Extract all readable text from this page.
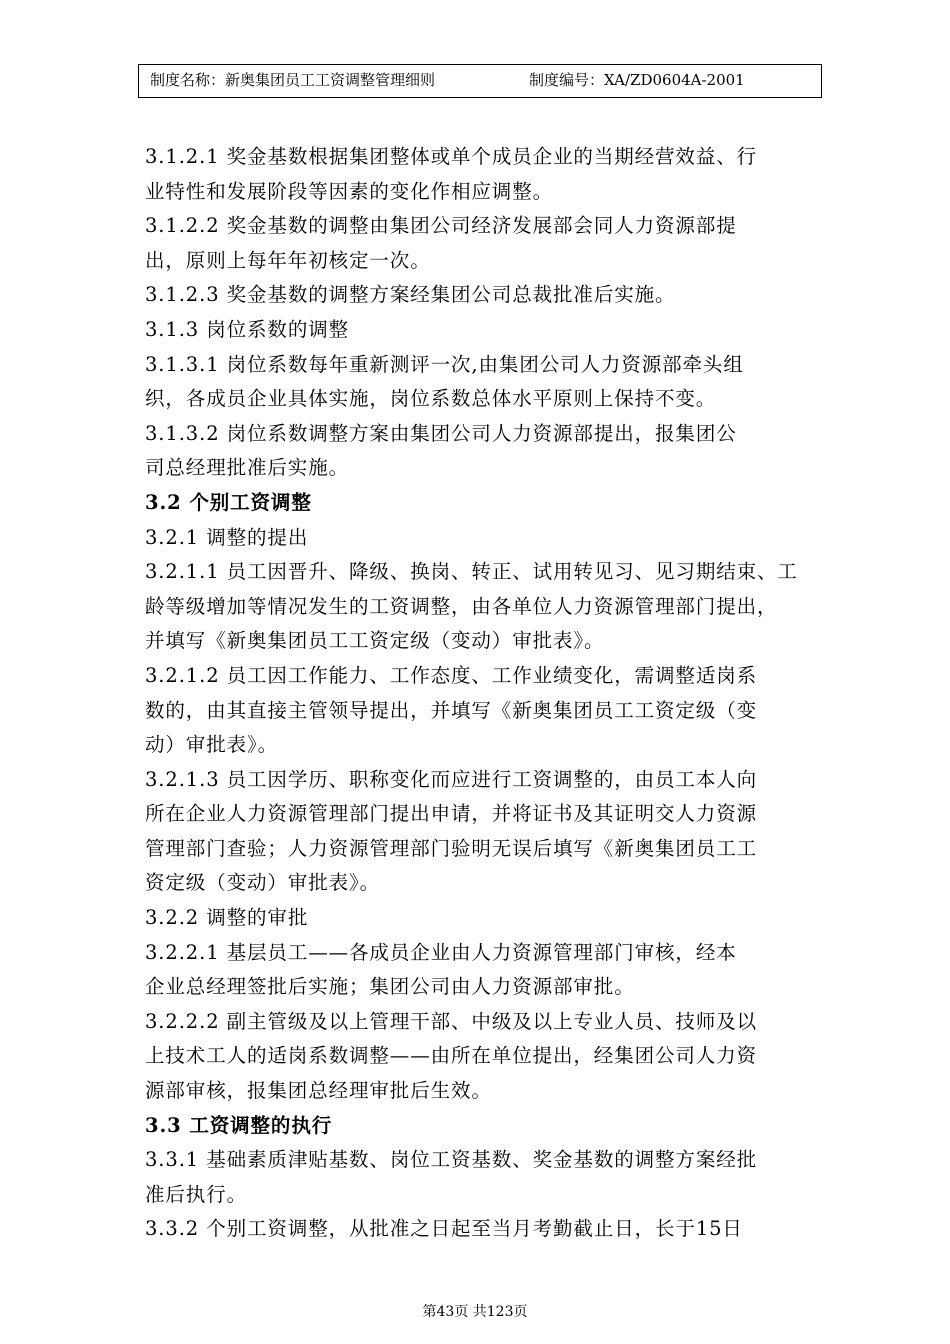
制度名称：新奥集团员工工资调整管理细则	制度编号：XA/ZD0604A-2001
3.1.2.1 奖金基数根据集团整体或单个成员企业的当期经营效益、行
业特性和发展阶段等因素的变化作相应调整。
3.1.2.2 奖金基数的调整由集团公司经济发展部会同人力资源部提
出，原则上每年年初核定一次。
3.1.2.3 奖金基数的调整方案经集团公司总裁批准后实施。
3.1.3 岗位系数的调整
3.1.3.1 岗位系数每年重新测评一次,由集团公司人力资源部牵头组
织，各成员企业具体实施，岗位系数总体水平原则上保持不变。
3.1.3.2 岗位系数调整方案由集团公司人力资源部提出，报集团公
司总经理批准后实施。
3.2 个别工资调整
3.2.1 调整的提出
3.2.1.1 员工因晋升、降级、换岗、转正、试用转见习、见习期结束、工
龄等级增加等情况发生的工资调整，由各单位人力资源管理部门提出，
并填写《新奥集团员工工资定级（变动）审批表》。
3.2.1.2 员工因工作能力、工作态度、工作业绩变化，需调整适岗系
数的，由其直接主管领导提出，并填写《新奥集团员工工资定级（变
动）审批表》。
3.2.1.3 员工因学历、职称变化而应进行工资调整的，由员工本人向
所在企业人力资源管理部门提出申请，并将证书及其证明交人力资源
管理部门查验；人力资源管理部门验明无误后填写《新奥集团员工工
资定级（变动）审批表》。
3.2.2 调整的审批
3.2.2.1 基层员工——各成员企业由人力资源管理部门审核，经本
企业总经理签批后实施；集团公司由人力资源部审批。
3.2.2.2 副主管级及以上管理干部、中级及以上专业人员、技师及以
上技术工人的适岗系数调整——由所在单位提出，经集团公司人力资
源部审核，报集团总经理审批后生效。
3.3 工资调整的执行
3.3.1 基础素质津贴基数、岗位工资基数、奖金基数的调整方案经批
准后执行。
3.3.2 个别工资调整，从批准之日起至当月考勤截止日，长于15日
第43页 共123页
